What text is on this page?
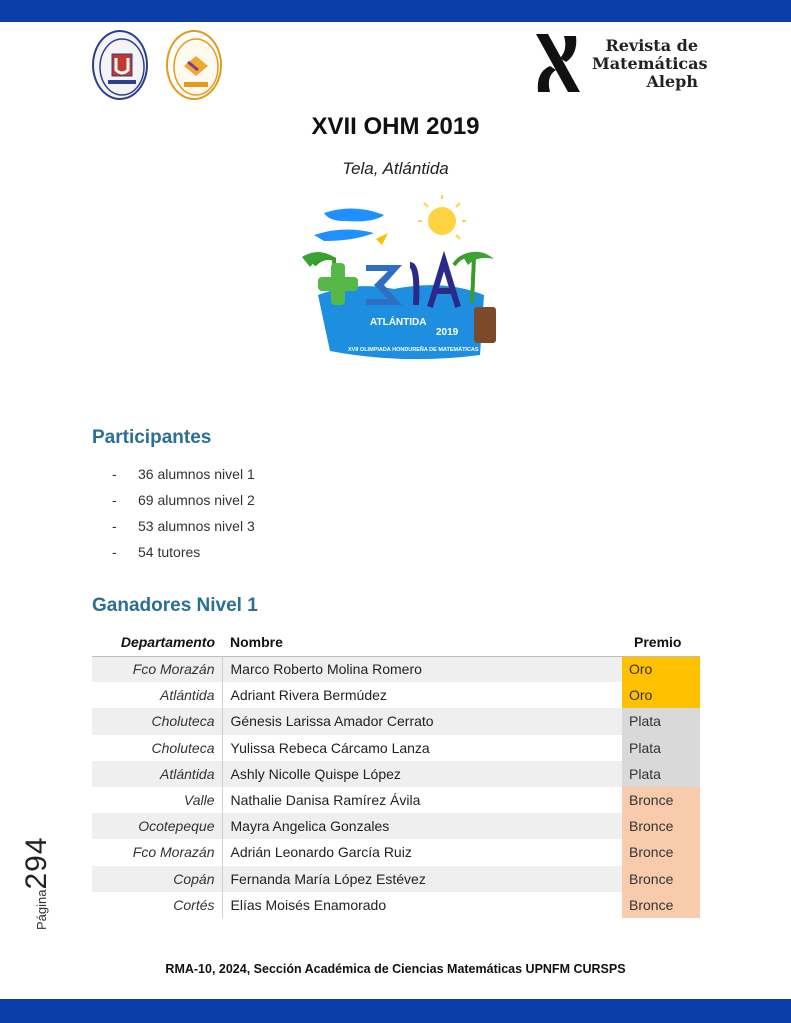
Revista de
Matemáticas
Aleph
XVII OHM 2019
Tela, Atlántida
ATLÁNTIDA
2019
XVII OLIMPIADA HONDUREÑA DE MATEMÁTICAS
Participantes
-	36 alumnos nivel 1
-	69 alumnos nivel 2
-	53 alumnos nivel 3
-	54 tutores
Ganadores Nivel 1
Departamento	Nombre	Premio
Fco Morazán	Marco Roberto Molina Romero	Oro
Atlántida	Adriant Rivera Bermúdez	Oro
Choluteca	Génesis Larissa Amador Cerrato	Plata
Choluteca	Yulissa Rebeca Cárcamo Lanza	Plata
Atlántida	Ashly Nicolle Quispe López	Plata
Valle	Nathalie Danisa Ramírez Ávila	Bronce
Ocotepeque	Mayra Angelica Gonzales	Bronce
Fco Morazán	Adrián Leonardo García Ruiz	Bronce
Copán	Fernanda María López Estévez	Bronce
Cortés	Elías Moisés Enamorado	Bronce
Página294
RMA-10, 2024, Sección Académica de Ciencias Matemáticas UPNFM CURSPS
